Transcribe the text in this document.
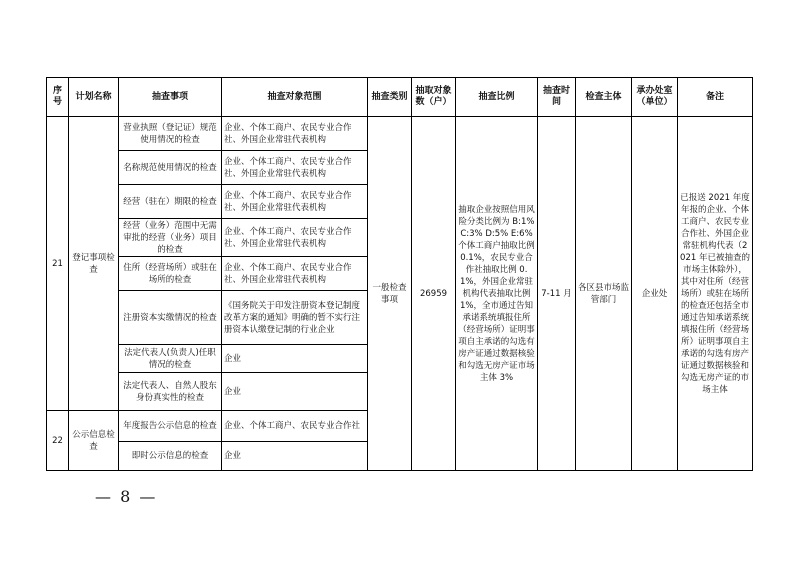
序号	计划名称	抽查事项	抽查对象范围	抽查类别	抽取对象数（户）	抽查比例	抽查时间	检查主体	承办处室（单位）	备注
21	登记事项检查	营业执照（登记证）规范使用情况的检查	企业、个体工商户、农民专业合作社、外国企业常驻代表机构	一般检查事项	26959	抽取企业按照信用风险分类比例为 B:1% C:3% D:5% E:6% 个体工商户抽取比例 0.1%，农民专业合作社抽取比例 0.1%，外国企业常驻机构代表抽取比例 1%，全市通过告知承诺系统填报住所（经营场所）证明事项自主承诺的勾选有房产证通过数据核验和勾选无房产证市场主体 3%	7-11 月	各区县市场监管部门	企业处	已报送 2021 年度年报的企业、个体工商户、农民专业合作社、外国企业常驻机构代表（2021 年已被抽查的市场主体除外），其中对住所（经营场所）或驻在场所的检查还包括全市通过告知承诺系统填报住所（经营场所）证明事项自主承诺的勾选有房产证通过数据核验和勾选无房产证的市场主体
		名称规范使用情况的检查	企业、个体工商户、农民专业合作社、外国企业常驻代表机构							
		经营（驻在）期限的检查	企业、个体工商户、农民专业合作社、外国企业常驻代表机构							
		经营（业务）范围中无需审批的经营（业务）项目的检查	企业、个体工商户、农民专业合作社、外国企业常驻代表机构							
		住所（经营场所）或驻在场所的检查	企业、个体工商户、农民专业合作社、外国企业常驻代表机构							
		注册资本实缴情况的检查	《国务院关于印发注册资本登记制度改革方案的通知》明确的暂不实行注册资本认缴登记制的行业企业							
		法定代表人(负责人)任职情况的检查	企业							
		法定代表人、自然人股东身份真实性的检查	企业							
22	公示信息检查	年度报告公示信息的检查	企业、个体工商户、农民专业合作社							
		即时公示信息的检查	企业							
— 8 —
